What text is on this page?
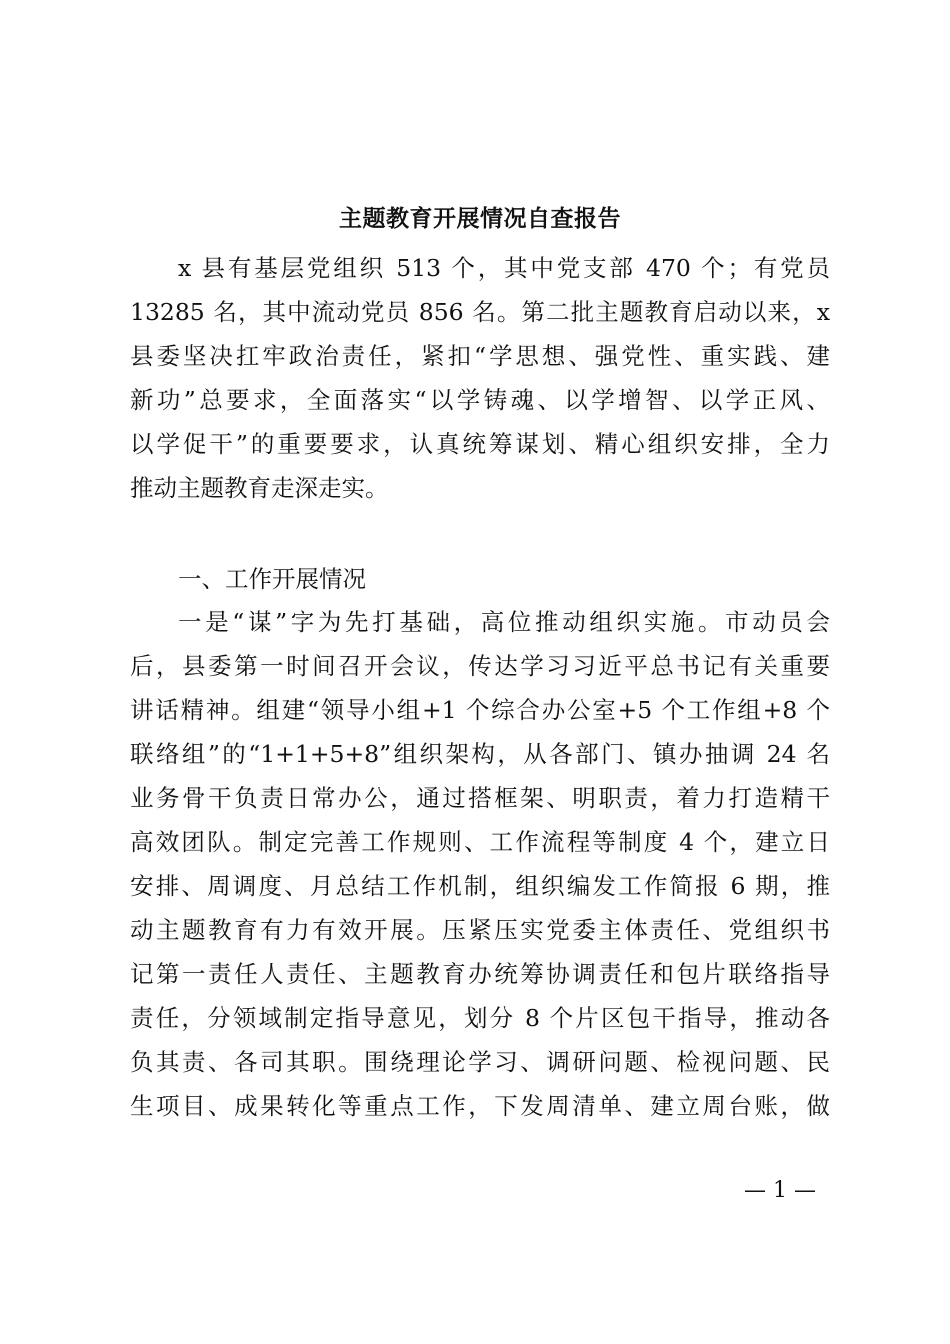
主题教育开展情况自查报告
x 县有基层党组织 513 个，其中党支部 470 个；有党员
13285 名，其中流动党员 856 名。第二批主题教育启动以来，x
县委坚决扛牢政治责任，紧扣“学思想、强党性、重实践、建
新功”总要求，全面落实“以学铸魂、以学增智、以学正风、
以学促干”的重要要求，认真统筹谋划、精心组织安排，全力
推动主题教育走深走实。
一、工作开展情况
一是“谋”字为先打基础，高位推动组织实施。市动员会
后，县委第一时间召开会议，传达学习习近平总书记有关重要
讲话精神。组建“领导小组+1 个综合办公室+5 个工作组+8 个
联络组”的“1+1+5+8”组织架构，从各部门、镇办抽调 24 名
业务骨干负责日常办公，通过搭框架、明职责，着力打造精干
高效团队。制定完善工作规则、工作流程等制度 4 个，建立日
安排、周调度、月总结工作机制，组织编发工作简报 6 期，推
动主题教育有力有效开展。压紧压实党委主体责任、党组织书
记第一责任人责任、主题教育办统筹协调责任和包片联络指导
责任，分领域制定指导意见，划分 8 个片区包干指导，推动各
负其责、各司其职。围绕理论学习、调研问题、检视问题、民
生项目、成果转化等重点工作，下发周清单、建立周台账，做
— 1 —
